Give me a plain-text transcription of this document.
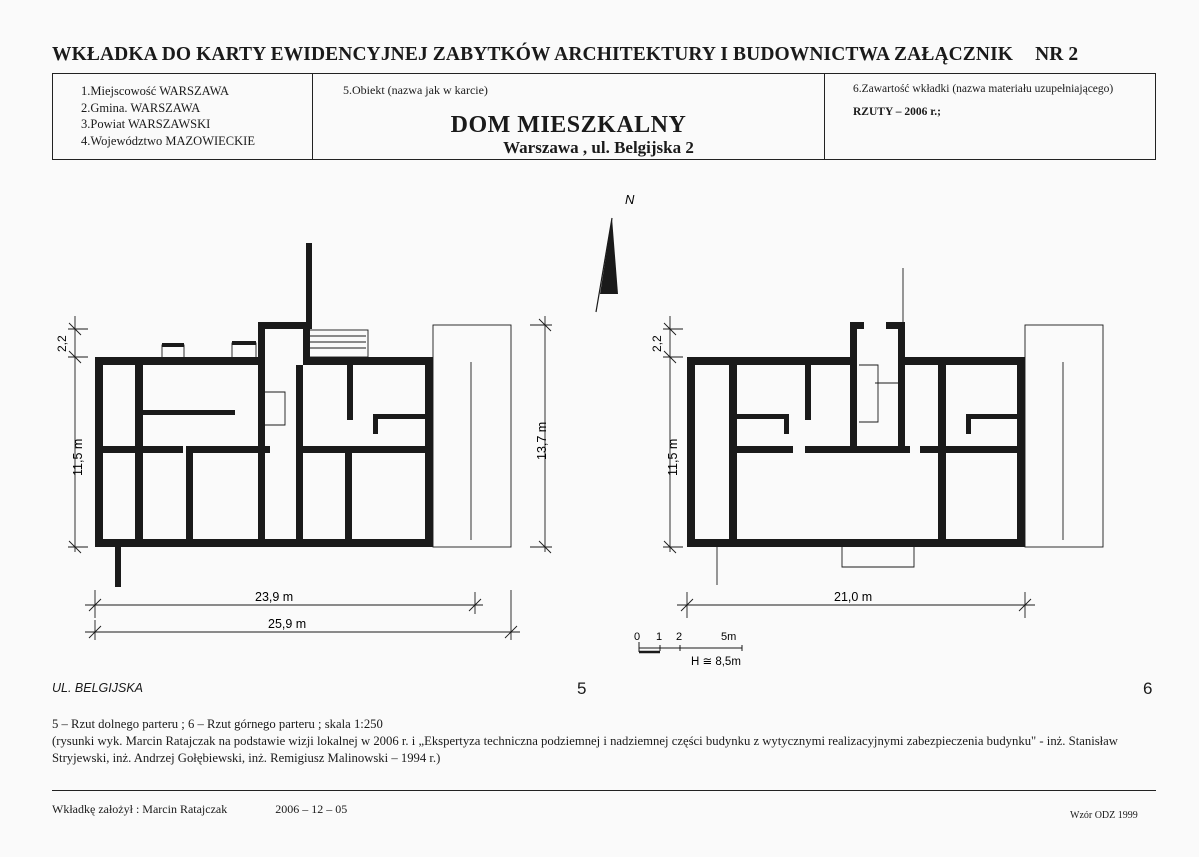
WKŁADKA DO KARTY EWIDENCYJNEJ ZABYTKÓW ARCHITEKTURY I BUDOWNICTWA ZAŁĄCZNIK NR 2
1.Miejscowość WARSZAWA
2.Gmina. WARSZAWA
3.Powiat WARSZAWSKI
4.Województwo MAZOWIECKIE
5.Obiekt (nazwa jak w karcie)
DOM MIESZKALNY
Warszawa , ul. Belgijska 2
6.Zawartość wkładki (nazwa materiału uzupełniającego)
RZUTY – 2006 r.;
N
2,2
11,5 m	13,7 m
23,9 m
25,9 m
2,2
11,5 m
21,0 m
0 1 2	5m
H ≅ 8,5m
UL. BELGIJSKA	5	6
5 – Rzut dolnego parteru ; 6 – Rzut górnego parteru ; skala 1:250
(rysunki wyk. Marcin Ratajczak na podstawie wizji lokalnej w 2006 r. i „Ekspertyza techniczna podziemnej i nadziemnej części budynku z wytycznymi realizacyjnymi zabezpieczenia budynku" - inż. Stanisław Stryjewski, inż. Andrzej Gołębiewski, inż. Remigiusz Malinowski – 1994 r.)
Wkładkę założył : Marcin Ratajczak	2006 – 12 – 05	Wzór ODZ 1999
